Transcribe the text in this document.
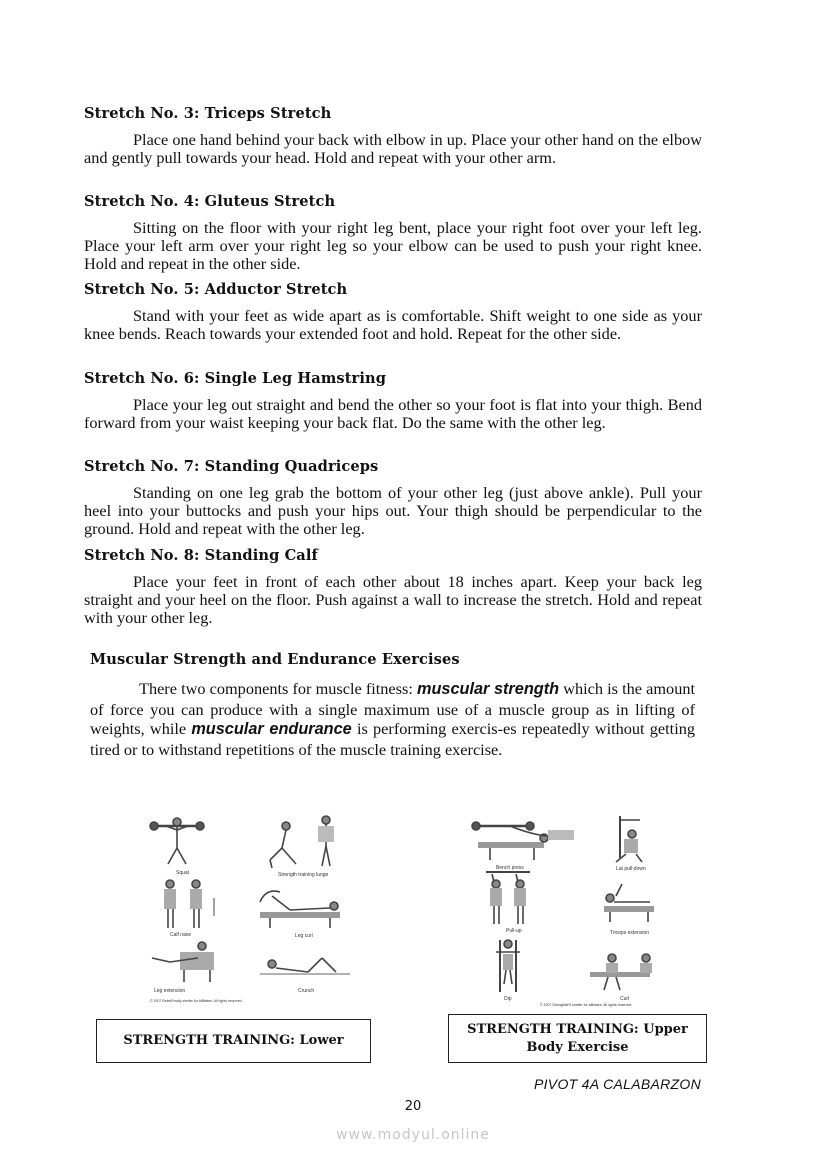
Stretch No. 3: Triceps Stretch
Place one hand behind your back with elbow in up. Place your other hand on the elbow and gently pull towards your head. Hold and repeat with your other arm.
Stretch No. 4: Gluteus Stretch
Sitting on the floor with your right leg bent, place your right foot over your left leg. Place your left arm over your right leg so your elbow can be used to push your right knee. Hold and repeat in the other side.
Stretch No. 5: Adductor Stretch
Stand with your feet as wide apart as is comfortable. Shift weight to one side as your knee bends. Reach towards your extended foot and hold. Repeat for the other side.
Stretch No. 6: Single Leg Hamstring
Place your leg out straight and bend the other so your foot is flat into your thigh. Bend forward from your waist keeping your back flat. Do the same with the other leg.
Stretch No. 7: Standing Quadriceps
Standing on one leg grab the bottom of your other leg (just above ankle). Pull your heel into your buttocks and push your hips out. Your thigh should be perpendicular to the ground. Hold and repeat with the other leg.
Stretch No. 8: Standing Calf
Place your feet in front of each other about 18 inches apart. Keep your back leg straight and your heel on the floor. Push against a wall to increase the stretch. Hold and repeat with your other leg.
Muscular Strength and Endurance Exercises
There two components for muscle fitness: muscular strength which is the amount of force you can produce with a single maximum use of a muscle group as in lifting of weights, while muscular endurance is performing exercis-es repeatedly without getting tired or to withstand repetitions of the muscle training exercise.
Squat	Strength training lunge
Calf raise	Leg curl
Leg extension	Crunch
© 2007 RelaxFinally shelter for Affiliates. All rights reserved.
Bench press	Lat pull-down
Pull-up	Triceps extension
Dip	Curl
© 2007 StrengthsFit shelter for affiliates. All rights reserved.
STRENGTH TRAINING: Lower
STRENGTH TRAINING: Upper Body Exercise
PIVOT 4A CALABARZON
20
www.modyul.online
